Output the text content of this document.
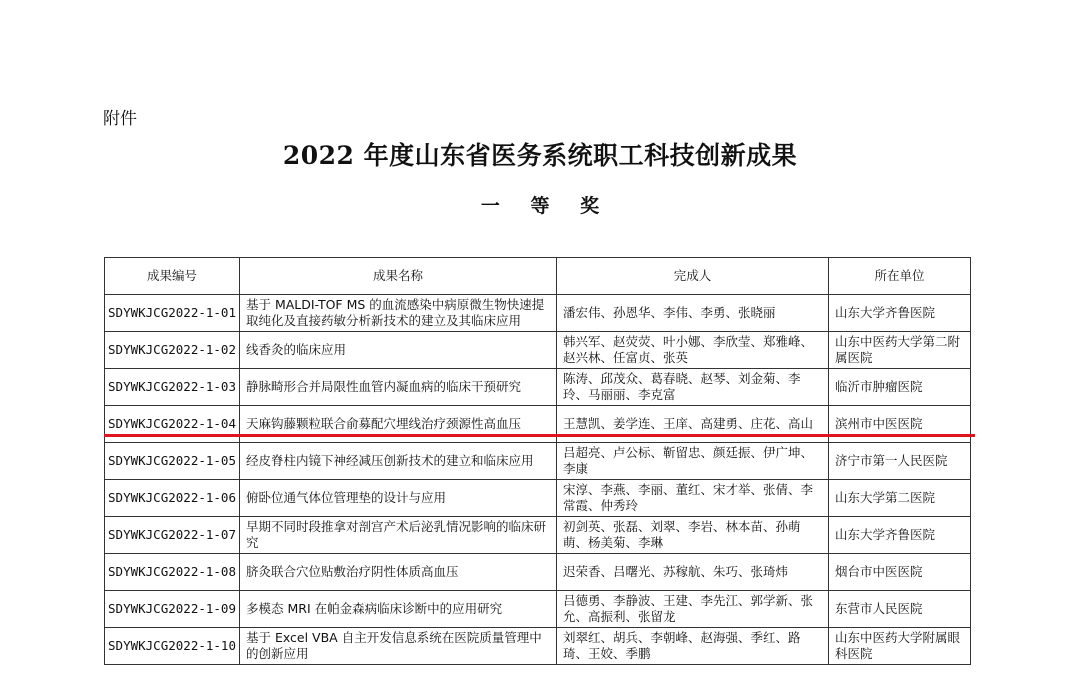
附件
2022 年度山东省医务系统职工科技创新成果
一 等 奖
成果编号	成果名称	完成人	所在单位
SDYWKJCG2022-1-01	基于 MALDI-TOF MS 的血流感染中病原微生物快速提取纯化及直接药敏分析新技术的建立及其临床应用	潘宏伟、孙恩华、李伟、李勇、张晓丽	山东大学齐鲁医院

SDYWKJCG2022-1-02	线香灸的临床应用	韩兴军、赵荧荧、叶小娜、李欣莹、郑雅峰、赵兴林、任富贞、张英	山东中医药大学第二附属医院

SDYWKJCG2022-1-03	静脉畸形合并局限性血管内凝血病的临床干预研究	陈涛、邱茂众、葛春晓、赵琴、刘金菊、李玲、马丽丽、李克富	临沂市肿瘤医院

SDYWKJCG2022-1-04	天麻钩藤颗粒联合俞募配穴埋线治疗颈源性高血压	王慧凯、姜学连、王庠、高建勇、庄花、高山	滨州市中医医院

SDYWKJCG2022-1-05	经皮脊柱内镜下神经减压创新技术的建立和临床应用	吕超亮、卢公标、靳留忠、颜廷振、伊广坤、李康	济宁市第一人民医院

SDYWKJCG2022-1-06	俯卧位通气体位管理垫的设计与应用	宋淳、李燕、李丽、董红、宋才举、张倩、李常霞、仲秀玲	山东大学第二医院

SDYWKJCG2022-1-07	早期不同时段推拿对剖宫产术后泌乳情况影响的临床研究	初剑英、张磊、刘翠、李岩、林本苗、孙萌萌、杨美菊、李琳	山东大学齐鲁医院

SDYWKJCG2022-1-08	脐灸联合穴位贴敷治疗阴性体质高血压	迟荣香、吕曙光、苏稼航、朱巧、张琦炜	烟台市中医医院

SDYWKJCG2022-1-09	多模态 MRI 在帕金森病临床诊断中的应用研究	吕德勇、李静波、王建、李先江、郭学新、张允、高振利、张留龙	东营市人民医院

SDYWKJCG2022-1-10	基于 Excel VBA 自主开发信息系统在医院质量管理中的创新应用	刘翠红、胡兵、李朝峰、赵海强、季红、路琦、王姣、季鹏	山东中医药大学附属眼科医院
